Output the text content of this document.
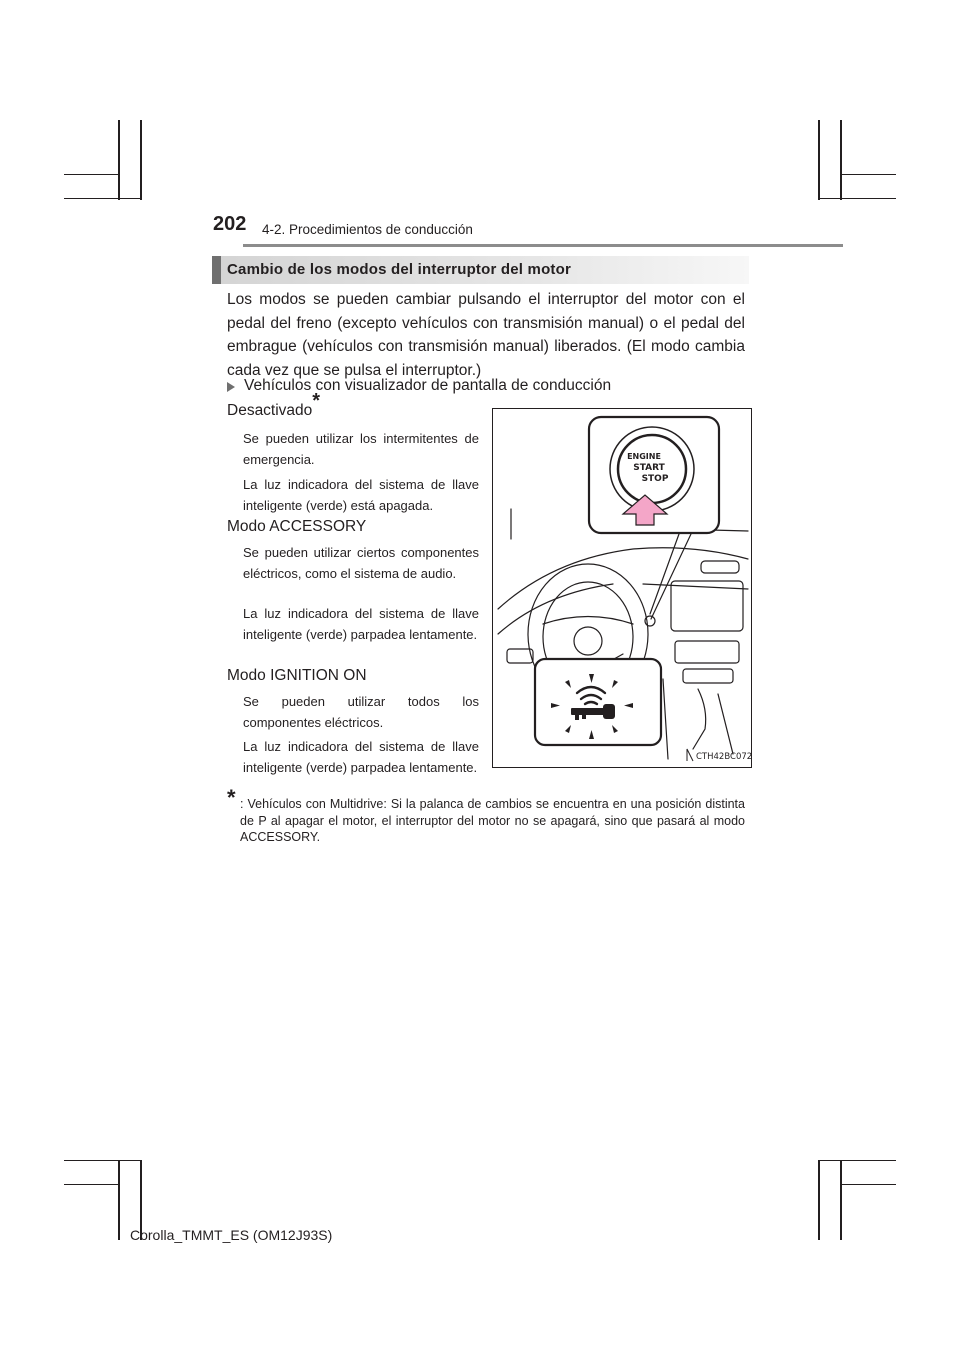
202 4-2. Procedimientos de conducción
Cambio de los modos del interruptor del motor
Los modos se pueden cambiar pulsando el interruptor del motor con el pedal del freno (excepto vehículos con transmisión manual) o el pedal del embrague (vehículos con transmisión manual) liberados. (El modo cambia cada vez que se pulsa el interruptor.)
Vehículos con visualizador de pantalla de conducción
Desactivado*
Se pueden utilizar los intermitentes de emergencia.
La luz indicadora del sistema de llave inteligente (verde) está apagada.
Modo ACCESSORY
Se pueden utilizar ciertos componentes eléctricos, como el sistema de audio.
La luz indicadora del sistema de llave inteligente (verde) parpadea lentamente.
Modo IGNITION ON
Se pueden utilizar todos los componentes eléctricos.
La luz indicadora del sistema de llave inteligente (verde) parpadea lentamente.
ENGINE
START
STOP
CTH42BC072
* : Vehículos con Multidrive: Si la palanca de cambios se encuentra en una posición distinta de P al apagar el motor, el interruptor del motor no se apagará, sino que pasará al modo ACCESSORY.
Corolla_TMMT_ES (OM12J93S)
